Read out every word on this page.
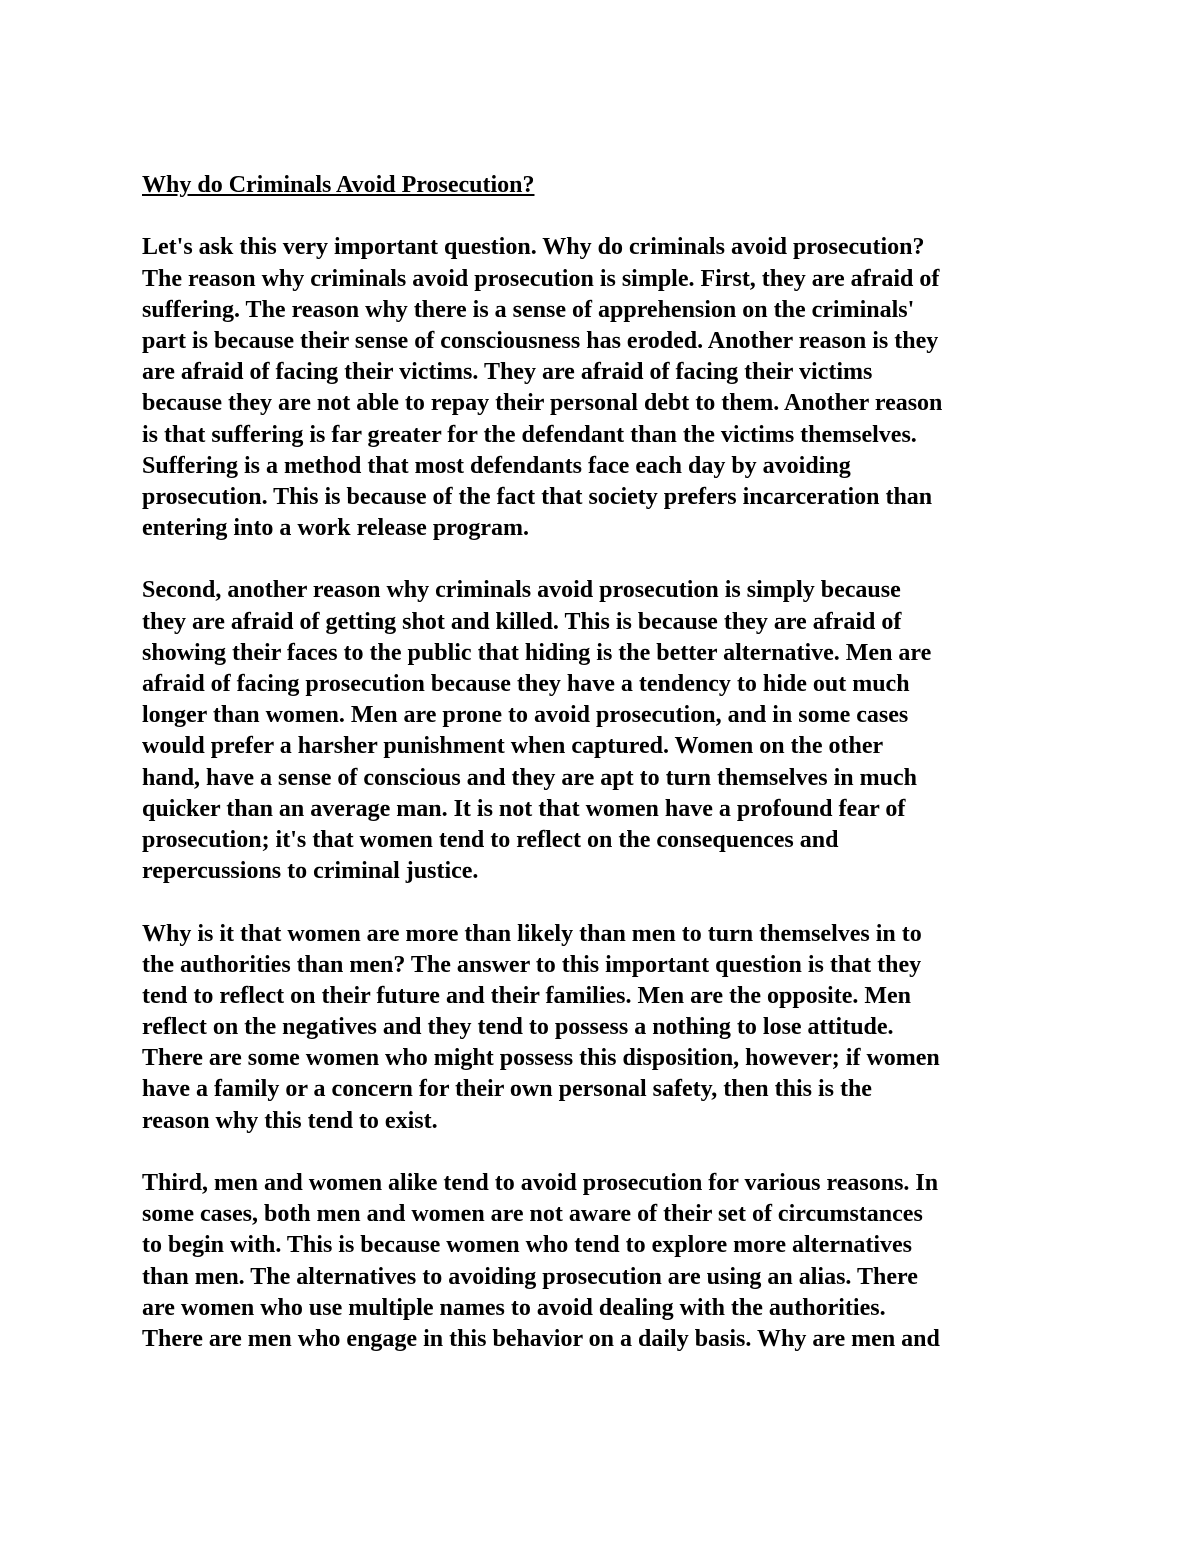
Why do Criminals Avoid Prosecution?
Let's ask this very important question. Why do criminals avoid prosecution?
The reason why criminals avoid prosecution is simple. First, they are afraid of
suffering. The reason why there is a sense of apprehension on the criminals'
part is because their sense of consciousness has eroded. Another reason is they
are afraid of facing their victims. They are afraid of facing their victims
because they are not able to repay their personal debt to them. Another reason
is that suffering is far greater for the defendant than the victims themselves.
Suffering is a method that most defendants face each day by avoiding
prosecution. This is because of the fact that society prefers incarceration than
entering into a work release program.
Second, another reason why criminals avoid prosecution is simply because
they are afraid of getting shot and killed. This is because they are afraid of
showing their faces to the public that hiding is the better alternative. Men are
afraid of facing prosecution because they have a tendency to hide out much
longer than women. Men are prone to avoid prosecution, and in some cases
would prefer a harsher punishment when captured. Women on the other
hand, have a sense of conscious and they are apt to turn themselves in much
quicker than an average man. It is not that women have a profound fear of
prosecution; it's that women tend to reflect on the consequences and
repercussions to criminal justice.
Why is it that women are more than likely than men to turn themselves in to
the authorities than men? The answer to this important question is that they
tend to reflect on their future and their families. Men are the opposite. Men
reflect on the negatives and they tend to possess a nothing to lose attitude.
There are some women who might possess this disposition, however; if women
have a family or a concern for their own personal safety, then this is the
reason why this tend to exist.
Third, men and women alike tend to avoid prosecution for various reasons. In
some cases, both men and women are not aware of their set of circumstances
to begin with. This is because women who tend to explore more alternatives
than men. The alternatives to avoiding prosecution are using an alias. There
are women who use multiple names to avoid dealing with the authorities.
There are men who engage in this behavior on a daily basis. Why are men and
